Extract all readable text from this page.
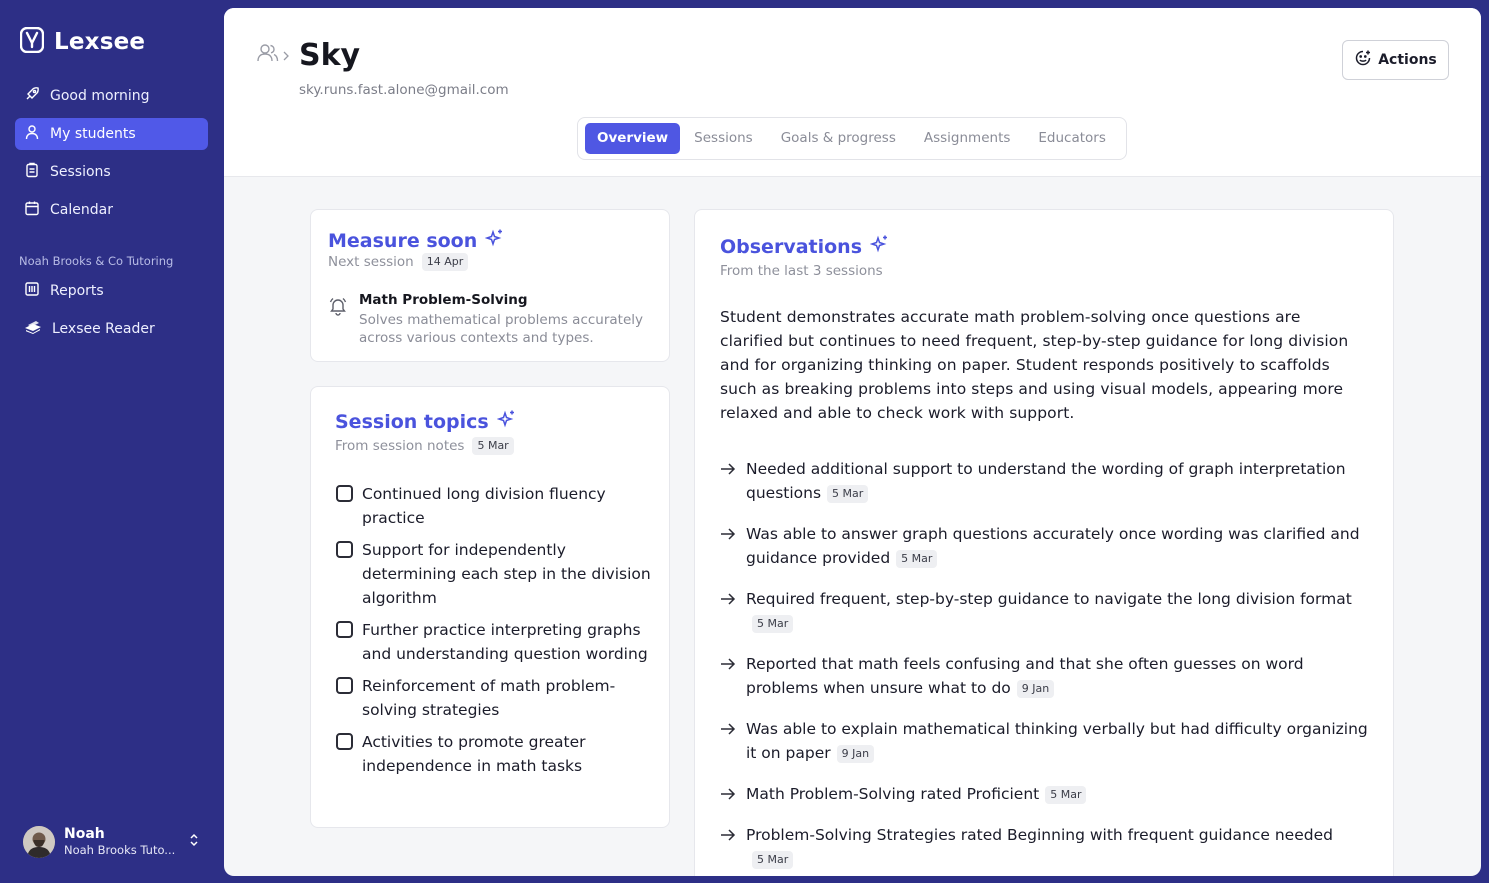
Lexsee
Good morning
My students
Sessions
Calendar
Noah Brooks & Co Tutoring
Reports
Lexsee Reader
Noah
Noah Brooks Tuto...
Sky
sky.runs.fast.alone@gmail.com
Actions
Overview	Sessions	Goals & progress	Assignments	Educators
Measure soon
Next session	14 Apr
Math Problem-Solving
Solves mathematical problems accurately across various contexts and types.
Session topics
From session notes	5 Mar
Continued long division fluency practice
Support for independently determining each step in the division algorithm
Further practice interpreting graphs and understanding question wording
Reinforcement of math problem-solving strategies
Activities to promote greater independence in math tasks
Observations
From the last 3 sessions

Student demonstrates accurate math problem-solving once questions are clarified but continues to need frequent, step-by-step guidance for long division and for organizing thinking on paper. Student responds positively to scaffolds such as breaking problems into steps and using visual models, appearing more relaxed and able to check work with support.

Needed additional support to understand the wording of graph interpretation questions 5 Mar
Was able to answer graph questions accurately once wording was clarified and guidance provided 5 Mar
Required frequent, step-by-step guidance to navigate the long division format5 Mar
Reported that math feels confusing and that she often guesses on word problems when unsure what to do 9 Jan
Was able to explain mathematical thinking verbally but had difficulty organizing it on paper 9 Jan
Math Problem-Solving rated Proficient 5 Mar
Problem-Solving Strategies rated Beginning with frequent guidance needed5 Mar
